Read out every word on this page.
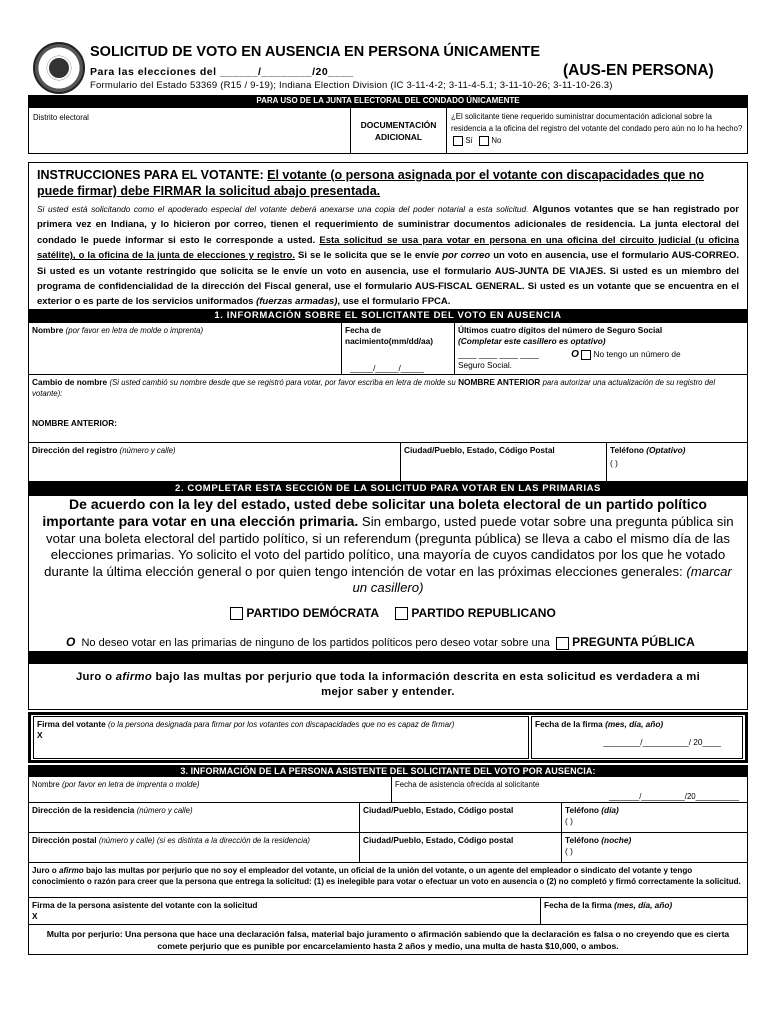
SOLICITUD DE VOTO EN AUSENCIA EN PERSONA ÚNICAMENTE
Para las elecciones del ______/________/20____	(AUS-EN PERSONA)
Formulario del Estado 53369 (R15 / 9-19); Indiana Election Division (IC 3-11-4-2; 3-11-4-5.1; 3-11-10-26; 3-11-10-26.3)
PARA USO DE LA JUNTA ELECTORAL DEL CONDADO ÚNICAMENTE
Distrito electoral
DOCUMENTACIÓN
ADICIONAL
¿El solicitante tiene requerido suministrar documentación adicional sobre la residencia a la oficina del registro del votante del condado pero aún no lo ha hecho?   Sí No
INSTRUCCIONES PARA EL VOTANTE: El votante (o persona asignada por el votante con discapacidades que no puede firmar) debe FIRMAR la solicitud abajo presentada.
Si usted está solicitando como el apoderado especial del votante deberá anexarse una copia del poder notarial a esta solicitud. Algunos votantes que se han registrado por primera vez en Indiana, y lo hicieron por correo, tienen el requerimiento de suministrar documentos adicionales de residencia. La junta electoral del condado le puede informar si esto le corresponde a usted. Esta solicitud se usa para votar en persona en una oficina del circuito judicial (u oficina satélite), o la oficina de la junta de elecciones y registro. Si se le solicita que se le envíe por correo un voto en ausencia, use el formulario AUS-CORREO. Si usted es un votante restringido que solicita se le envíe un voto en ausencia, use el formulario AUS-JUNTA DE VIAJES. Si usted es un miembro del programa de confidencialidad de la dirección del Fiscal general, use el formulario AUS-FISCAL GENERAL. Si usted es un votante que se encuentra en el exterior o es parte de los servicios uniformados (fuerzas armadas), use el formulario FPCA.
1. INFORMACIÓN SOBRE EL SOLICITANTE DEL VOTO EN AUSENCIA
Nombre (por favor en letra de molde o imprenta)	Fecha de
nacimiento(mm/dd/aa)
_____/_____/_____
Últimos cuatro dígitos del número de Seguro Social
(Completar este casillero es optativo)
____ ____ ____ ____	O No tengo un número de
Seguro Social.
Cambio de nombre (Si usted cambió su nombre desde que se registró para votar, por favor escriba en letra de molde su NOMBRE ANTERIOR para autorizar una actualización de su registro del votante):
NOMBRE ANTERIOR:
Dirección del registro (número y calle)	Ciudad/Pueblo, Estado, Código Postal	Teléfono (Optativo)
( )
2. COMPLETAR ESTA SECCIÓN DE LA SOLICITUD PARA VOTAR EN LAS PRIMARIAS
De acuerdo con la ley del estado, usted debe solicitar una boleta electoral de un partido político importante para votar en una elección primaria. Sin embargo, usted puede votar sobre una pregunta pública sin votar una boleta electoral del partido político, si un referendum (pregunta pública) se lleva a cabo el mismo día de las elecciones primarias. Yo solicito el voto del partido político, una mayoría de cuyos candidatos por los que he votado durante la última elección general o por quien tengo intención de votar en las próximas elecciones generales: (marcar un casillero)
PARTIDO DEMÓCRATA	PARTIDO REPUBLICANO
O No deseo votar en las primarias de ninguno de los partidos políticos pero deseo votar sobre una PREGUNTA PÚBLICA
Juro o afirmo bajo las multas por perjurio que toda la información descrita en esta solicitud es verdadera a mi mejor saber y entender.
Firma del votante (o la persona designada para firmar por los votantes con discapacidades que no es capaz de firmar)
X
Fecha de la firma (mes, día, año)
________/__________/ 20____
3. INFORMACIÓN DE LA PERSONA ASISTENTE DEL SOLICITANTE DEL VOTO POR AUSENCIA:
Nombre (por favor en letra de imprenta o molde)	Fecha de asistencia ofrecida al solicitante
_______/__________/20__________
Dirección de la residencia (número y calle)	Ciudad/Pueblo, Estado, Código postal	Teléfono (día)
( )
Dirección postal (número y calle) (si es distinta a la dirección de la residencia)	Ciudad/Pueblo, Estado, Código postal	Teléfono (noche)
( )
Juro o afirmo bajo las multas por perjurio que no soy el empleador del votante, un oficial de la unión del votante, o un agente del empleador o sindicato del votante y tengo conocimiento o razón para creer que la persona que entrega la solicitud: (1) es inelegible para votar o efectuar un voto en ausencia o (2) no completó y firmó correctamente la solicitud.
Firma de la persona asistente del votante con la solicitud
X
Fecha de la firma (mes, día, año)
Multa por perjurio: Una persona que hace una declaración falsa, material bajo juramento o afirmación sabiendo que la declaración es falsa o no creyendo que es cierta comete perjurio que es punible por encarcelamiento hasta 2 años y medio, una multa de hasta $10,000, o ambos.
